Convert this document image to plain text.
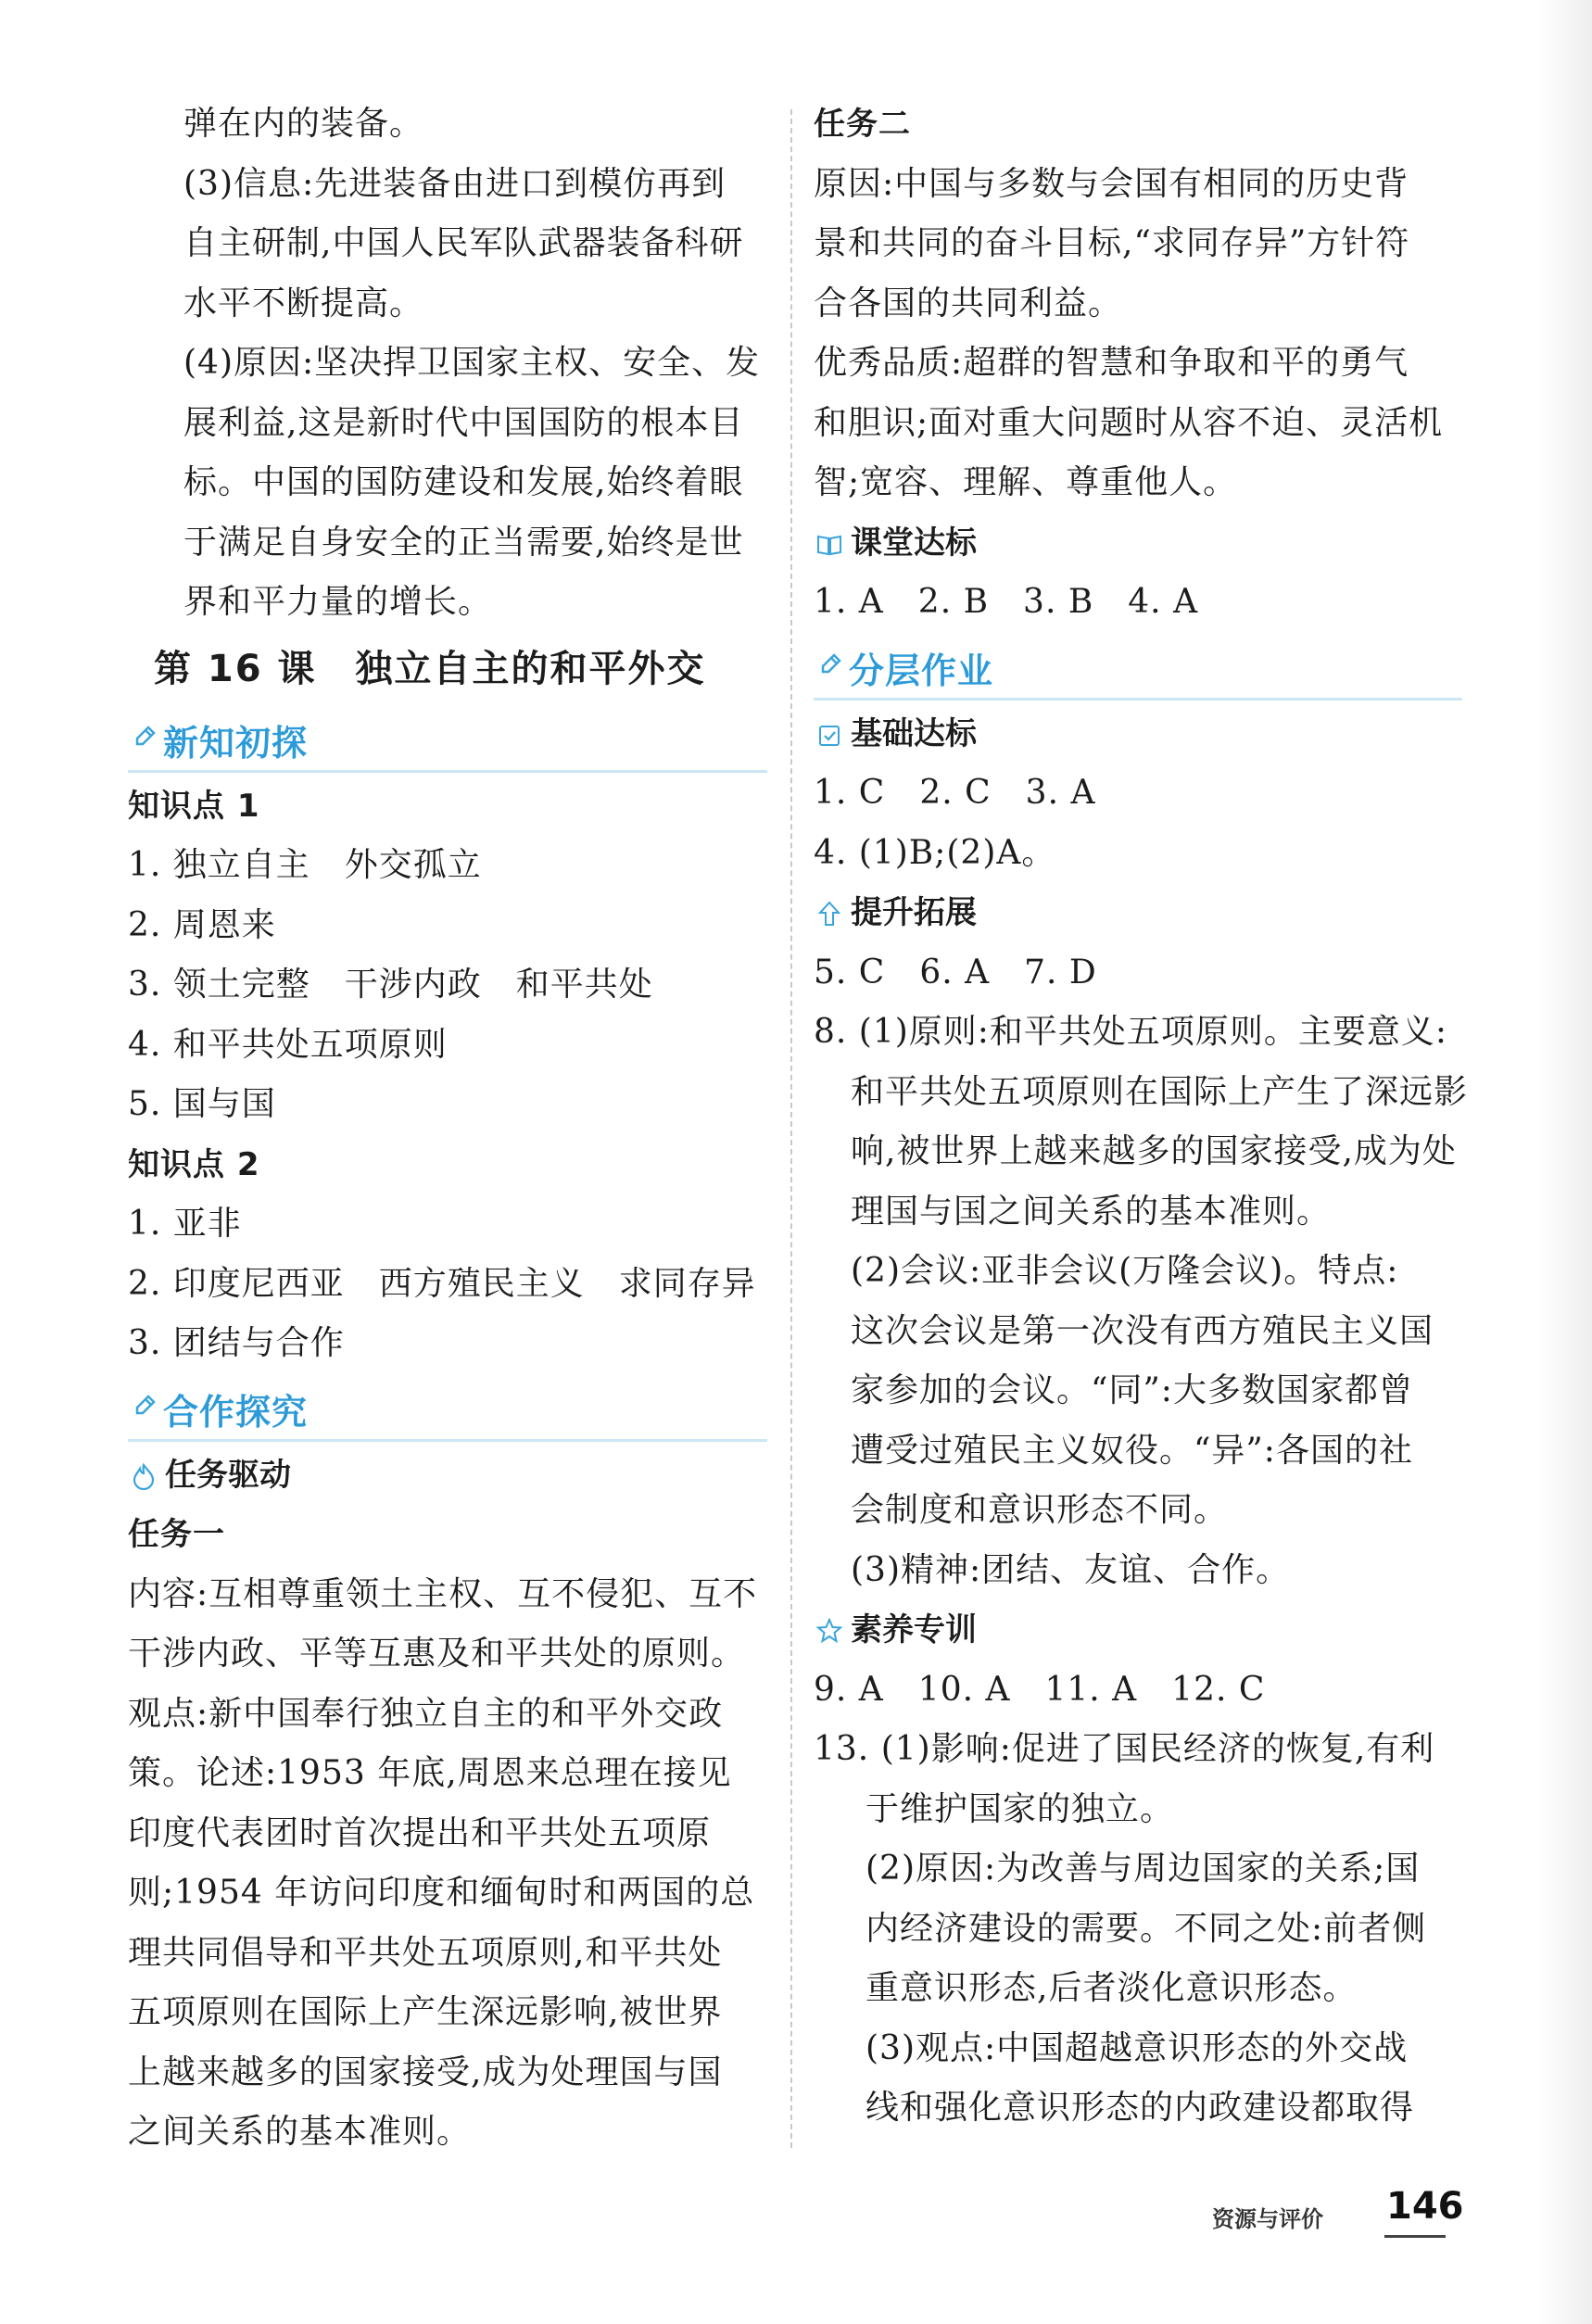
弹在内的装备。
(3)信息:先进装备由进口到模仿再到
自主研制,中国人民军队武器装备科研
水平不断提高。
(4)原因:坚决捍卫国家主权、安全、发
展利益,这是新时代中国国防的根本目
标。中国的国防建设和发展,始终着眼
于满足自身安全的正当需要,始终是世
界和平力量的增长。
第 16 课　独立自主的和平外交
新知初探
知识点 1
1. 独立自主　外交孤立
2. 周恩来
3. 领土完整　干涉内政　和平共处
4. 和平共处五项原则
5. 国与国
知识点 2
1. 亚非
2. 印度尼西亚　西方殖民主义　求同存异
3. 团结与合作
合作探究
任务驱动
任务一
内容:互相尊重领土主权、互不侵犯、互不
干涉内政、平等互惠及和平共处的原则。
观点:新中国奉行独立自主的和平外交政
策。论述:1953 年底,周恩来总理在接见
印度代表团时首次提出和平共处五项原
则;1954 年访问印度和缅甸时和两国的总
理共同倡导和平共处五项原则,和平共处
五项原则在国际上产生深远影响,被世界
上越来越多的国家接受,成为处理国与国
之间关系的基本准则。
任务二
原因:中国与多数与会国有相同的历史背
景和共同的奋斗目标,“求同存异”方针符
合各国的共同利益。
优秀品质:超群的智慧和争取和平的勇气
和胆识;面对重大问题时从容不迫、灵活机
智;宽容、理解、尊重他人。
课堂达标
1. A　2. B　3. B　4. A
分层作业
基础达标
1. C　2. C　3. A
4. (1)B;(2)A。
提升拓展
5. C　6. A　7. D
8. (1)原则:和平共处五项原则。主要意义:
和平共处五项原则在国际上产生了深远影
响,被世界上越来越多的国家接受,成为处
理国与国之间关系的基本准则。
(2)会议:亚非会议(万隆会议)。特点:
这次会议是第一次没有西方殖民主义国
家参加的会议。“同”:大多数国家都曾
遭受过殖民主义奴役。“异”:各国的社
会制度和意识形态不同。
(3)精神:团结、友谊、合作。
素养专训
9. A　10. A　11. A　12. C
13. (1)影响:促进了国民经济的恢复,有利
于维护国家的独立。
(2)原因:为改善与周边国家的关系;国
内经济建设的需要。不同之处:前者侧
重意识形态,后者淡化意识形态。
(3)观点:中国超越意识形态的外交战
线和强化意识形态的内政建设都取得
资源与评价 146
